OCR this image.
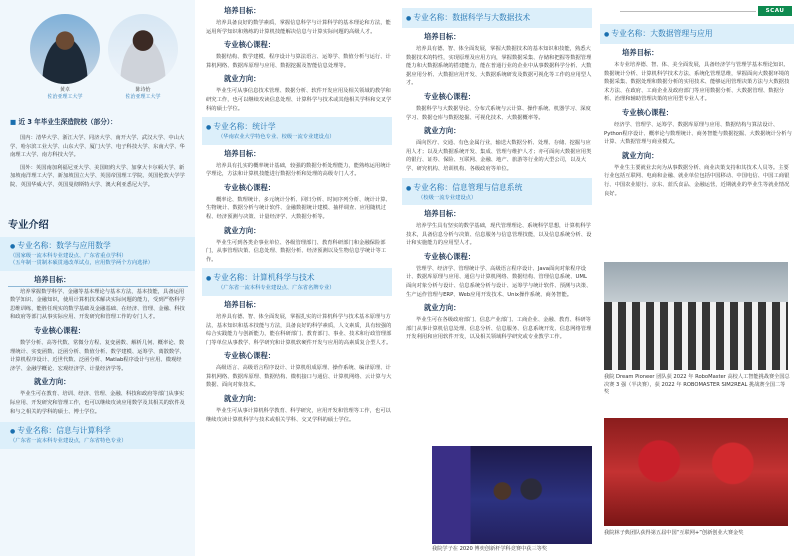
黄卓
佐治亚理工大学
陈诗怡
佐治亚理工大学
■ 近 3 年毕业生深造院校（部分）：

国内：清华大学、浙江大学、同济大学、南开大学、武汉大学、中山大学、哈尔滨工业大学、山东大学、厦门大学、电子科技大学、东南大学、华南理工大学、南方科技大学。

国外：英国南加利福尼亚大学、美国纽约大学、加拿大卡尔顿大学、新加坡南洋理工大学、新加坡国立大学、英国帝国理工学院、英国伦敦大学学院、英国华威大学、英国曼彻斯特大学、澳大利亚悉尼大学。

专业介绍
● 专业名称：数学与应用数学
（国家级一流本科专业建设点、广东省重点学科）
（五年制一贯制本硕贯通改革试点，应用数学两个方向选择）
培养目标：

培养掌握数学科学、金融等基本理论与基本方法，基本技能，具备运用数学知识、金融知识，使用计算机技术解决实际问题的能力，受到严格科学思维训练，能胜任现实的数学基础及金融基础、在经济、管理、金融、科技和政府等部门从事实际应用、开发研究和管理工作的专门人才。

专业核心课程：

数学分析、高等代数、常微分方程、复变函数、解析几何、概率论、数理统计、实变函数、泛函分析、数值分析、数学建模、运筹学、离散数学、计算机程序设计、近世代数、泛函分析、Matlab程序设计与应用、微观经济学、金融学概论、宏观经济学、计量经济学等。

就业方向：

毕业生可在教育、培训、经济、管理、金融、科技和政府等部门从事实际应用、开发研究和管理工作，也可以继续攻读应用数学及其相关的软件及和与之相关的学科的硕士、博士学位。

● 专业名称：信息与计算科学
（广东省一流本科专业建设点，广东省特色专业）
培养目标：

培养具备良好的数学素质，掌握信息科学与计算科学的基本理论和方法，能运用所学知识和熟练的计算机技能解决信息与计算实际问题的高级人才。

专业核心课程：

数据结构、数学建模、程序设计与算法语言、运筹学、数值分析与运行、计算机网络、数据库原理与应用、数据挖掘及智能信息处理等。

就业方向：

毕业生可从事信息技术管理、数据分析、软件开发应用及相关领域的教学和研究工作，也可以继续攻读信息处理、计算科学与技术或其他相关学科和交叉学科的硕士学位。

● 专业名称：统计学
（华南农业大学特色专业、校级一流专业建设点）
培养目标：

培养具有扎实的概率统计基础，较强的数据分析处理能力，能熟练运用统计学理论，方法和计算机技能进行数据分析和处理的高级专门人才。

专业核心课程：

概率论、数理统计、多元统计分析、回归分析、时间序列分析、统计计算、生物统计、数据分析与统计软件、金融数据统计建模、抽样调查、应用随机过程、经济预测与决策、计量经济学、大数据分析等。

就业方向：

毕业生可到各类企事业单位、各级管理部门、教育科研部门和金融保险部门，从事管理决策、信息处理、数据分析、经济预测以及生物信息学统计等工作。

● 专业名称：计算机科学与技术
（广东省一流本科专业建设点、广东省名牌专业）
培养目标：

培养具有德、智、体全面发展，掌握扎实的计算机科学与技术基本原理与方法，基本知识和基本技能与方法，具备良好的科学素质，人文素质，具有较强的综合实践能力与创新能力，能在科研部门、教育部门、事业、技术和行政管理部门等单位从事教学、科学研究和计算机软硬件开发与应用的高素质复合型人才。

专业核心课程：

高级语言、高级语言程序设计、计算机组成原理、操作系统、编译原理、计算机网络、数据库原理、数据结构、微机接口与通信、计算机网络、云计算与大数据、面向对象技术。

就业方向：

毕业生可从事计算机科学教育、科学研究，应用开发和管理等工作，也可以继续攻读计算机科学与技术或相关学科、交叉学科的硕士学位。

● 专业名称：数据科学与大数据技术
培养目标：

培养具有德、智、体全面发展，掌握大数据技术的基本知识和技能，熟悉大数据技术的特性，实现原理及应用方向，掌握数据采集、存储和把握等数据管理能力和大数据系统的搭建能力，能在普通行业的企业中从事数据科学分析、大数据应用分析、大数据应用开发、大数据系统研发及数据可视化等工作的应用型人才。

专业核心课程：

数据科学与大数据导论、分布式系统与云计算、操作系统、机器学习、深度学习、数据仓库与数据挖掘、可视化技术、大数据概率等。

就业方向：

面向医疗、交通、有色金属行业，输送大数据分析、处理、存储、挖掘与应用人才；以及大数据系统开发、集成、管理与维护人才；亦可面向大数据应用类的银行、证券、保险、互联网、金融、地产、旅游等行业的大型公司，以及大学、研究机构、培训机构、各级政府等单位。

● 专业名称：信息管理与信息系统
（校级一流专业建设点）
培养目标：

培养学生具有坚实的数学基础，现代管理理论、系统科学思想，计算机科学技术，具备信息分析与决策、信息服务与信息管理技能，以及信息系统分析、设计和实施能力的应用型人才。

专业核心课程：

管理学、经济学、管理统计学、高级语言程序设计、Java面向对象程序设计、数据库原理与应用、通信与计算机网络、数据结构、管理信息系统、UML面向对象分析与设计、信息系统分析与设计、运筹学与统计软件、预测与决策、生产运作管理与ERP、Web应用开发技术、Unix操作系统、商务智能。

就业方向：

毕业生可在各级政府部门、信息产业部门、工商企业、金融、教育、科研等部门从事计算机信息处理、信息分析、信息服务、信息系统开发、信息网络管理开发利用和应用软件开发，以及相关领域科学研究或专业教学工作。

● 专业名称：大数据管理与应用
培养目标：

本专业培养德、智、体、美全面发展，具备经济学与管理学基本理论知识、数据统计分析、计算机科学技术方法、系统化管理思维，掌握面向大数据环境的数据采集、数据处理和数据分析的实用技术、能够运用管理决策方法与大数据技术方法、在政府、工商企业及政府部门等应用数据分析、大数据管理、数据分析、治理和辅助管理决策的应用型专业人才。

专业核心课程：

经济学、管理学、运筹学、数据库原理与应用、数据结构与算法设计、Python程序设计、概率论与数理统计、商务智能与数据挖掘、大数据统计分析与计算、大数据管理与商业模式。

就业方向：

毕业生主要就业去向为从事数据分析、商业决策支持和其技术人员等。主要行业包括互联网、电商和金融、就业单位包括中国移动、中国电信、中国工商银行、中国农业银行、京东、蓝氏食品、金融运营，近期就业的毕业生等就业情况良好。

SCAU
我院学子在 2020 博奕创新杆学科竞赛中获三等奖
我院 Dream Pioneer 团队获 2022 年 RoboMaster 高校人工智能挑战赛全国总决赛 3 强（半决赛），获 2022 年 ROBOMASTER SIM2REAL 挑战赛全国二等奖
我院林子典团队获得第五届中国“互联网+”创新创业大赛金奖
